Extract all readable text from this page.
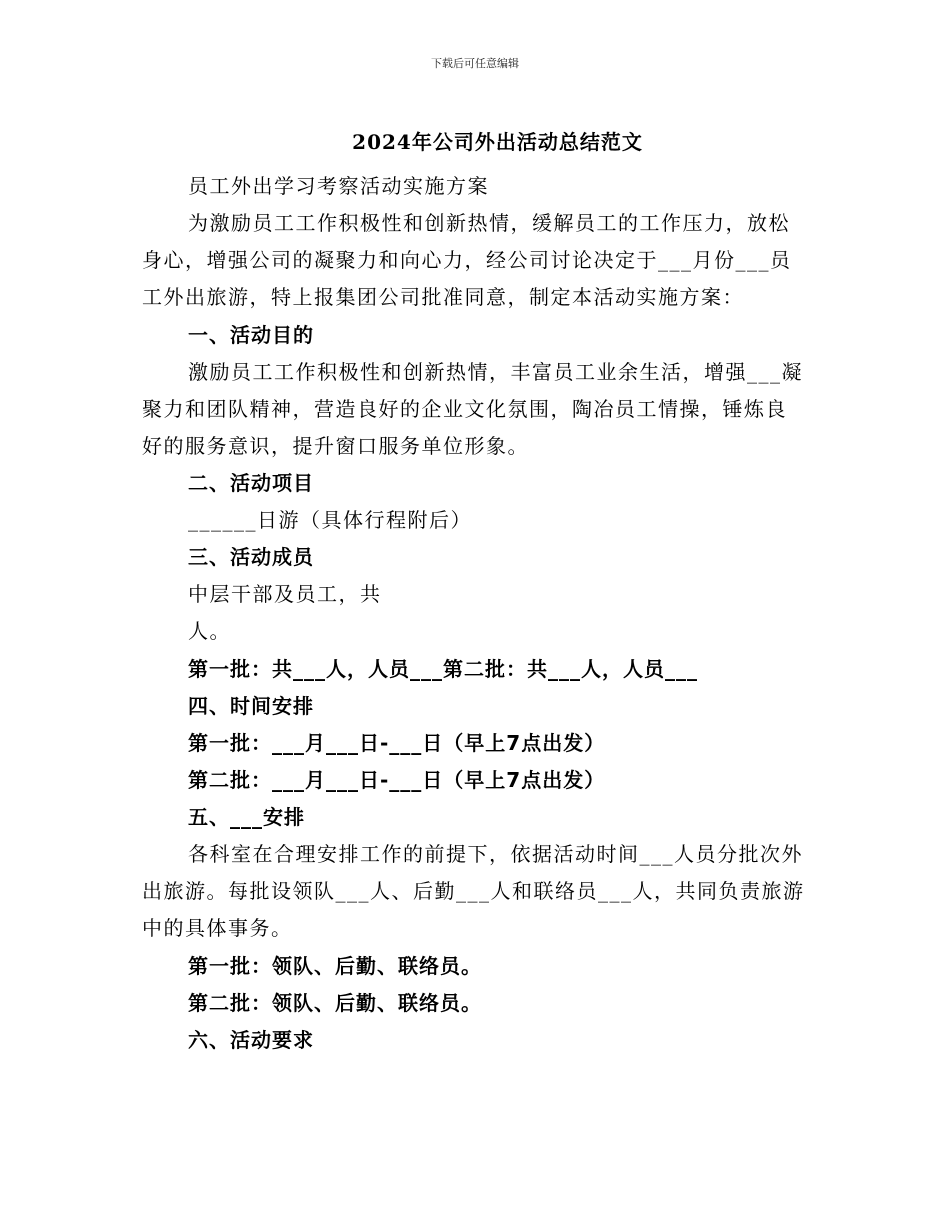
下载后可任意编辑
2024年公司外出活动总结范文
员工外出学习考察活动实施方案
为激励员工工作积极性和创新热情，缓解员工的工作压力，放松
身心，增强公司的凝聚力和向心力，经公司讨论决定于___月份___员
工外出旅游，特上报集团公司批准同意，制定本活动实施方案：
一、活动目的
激励员工工作积极性和创新热情，丰富员工业余生活，增强___凝
聚力和团队精神，营造良好的企业文化氛围，陶冶员工情操，锤炼良
好的服务意识，提升窗口服务单位形象。
二、活动项目
______日游（具体行程附后）
三、活动成员
中层干部及员工，共
人。
第一批：共___人，人员___第二批：共___人，人员___
四、时间安排
第一批：___月___日-___日（早上7点出发）
第二批：___月___日-___日（早上7点出发）
五、___安排
各科室在合理安排工作的前提下，依据活动时间___人员分批次外
出旅游。每批设领队___人、后勤___人和联络员___人，共同负责旅游
中的具体事务。
第一批：领队、后勤、联络员。
第二批：领队、后勤、联络员。
六、活动要求
